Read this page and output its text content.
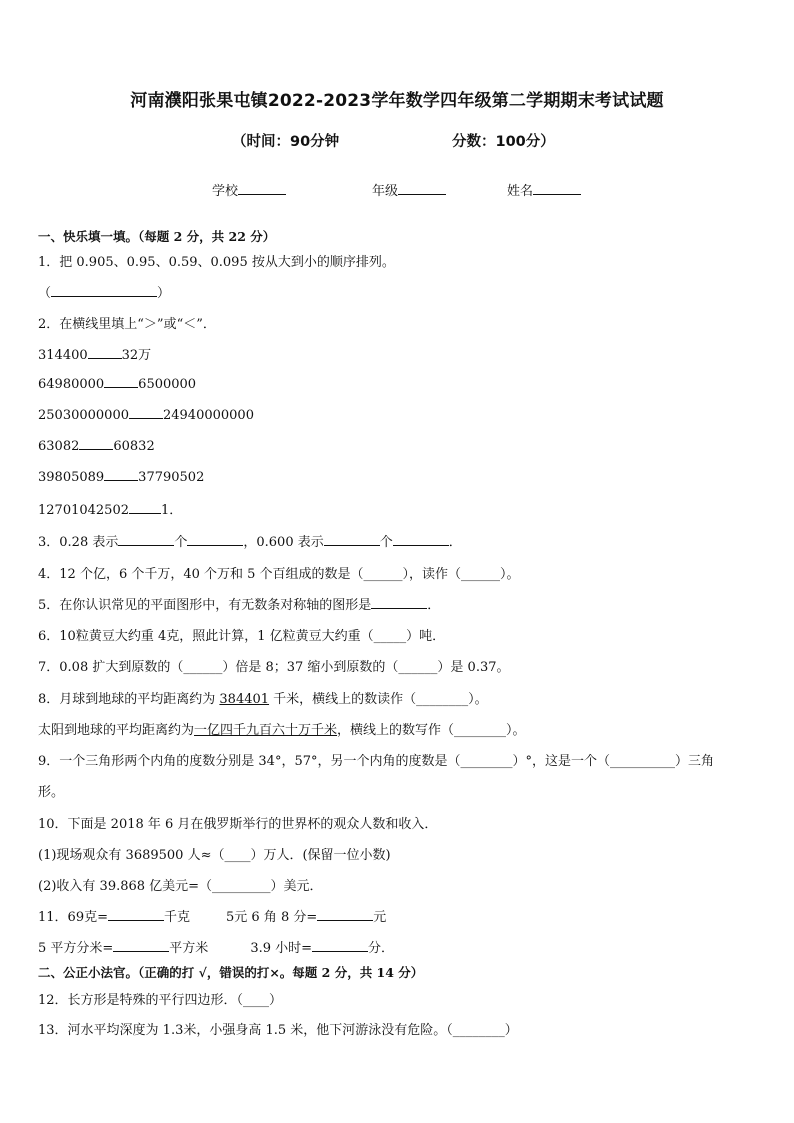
河南濮阳张果屯镇2022-2023学年数学四年级第二学期期末考试试题
（时间：90分钟	分数：100分）
学校	年级	姓名
一、快乐填一填。（每题 2 分，共 22 分）
1．把 0.905、0.95、0.59、0.095 按从大到小的顺序排列。
（	）
2．在横线里填上“＞”或“＜”．
314400	32万
64980000	6500000
25030000000	24940000000
63082	60832
39805089	37790502
12701042502 1．
3．0.28 表示	个	，0.600 表示	个	．
4．12 个亿，6 个千万，40 个万和 5 个百组成的数是（______），读作（______）。
5．在你认识常见的平面图形中，有无数条对称轴的图形是	．
6．10粒黄豆大约重 4克，照此计算，1 亿粒黄豆大约重（_____）吨．
7．0.08 扩大到原数的（______）倍是 8；37 缩小到原数的（______）是 0.37。
8．月球到地球的平均距离约为 384401 千米，横线上的数读作（________）。
太阳到地球的平均距离约为一亿四千九百六十万千米，横线上的数写作（________）。
9．一个三角形两个内角的度数分别是 34°，57°，另一个内角的度数是（________）°，这是一个（__________）三角
形。
10．下面是 2018 年 6 月在俄罗斯举行的世界杯的观众人数和收入．
(1)现场观众有 3689500 人≈（____）万人．(保留一位小数)
(2)收入有 39.868 亿美元=（_________）美元．
11．69克=	千克	5元 6 角 8 分=	元
5 平方分米=	平方米	3.9 小时=	分．
二、公正小法官。（正确的打 √，错误的打×。每题 2 分，共 14 分）
12．长方形是特殊的平行四边形．（____）
13．河水平均深度为 1.3米，小强身高 1.5 米，他下河游泳没有危险。（________）
